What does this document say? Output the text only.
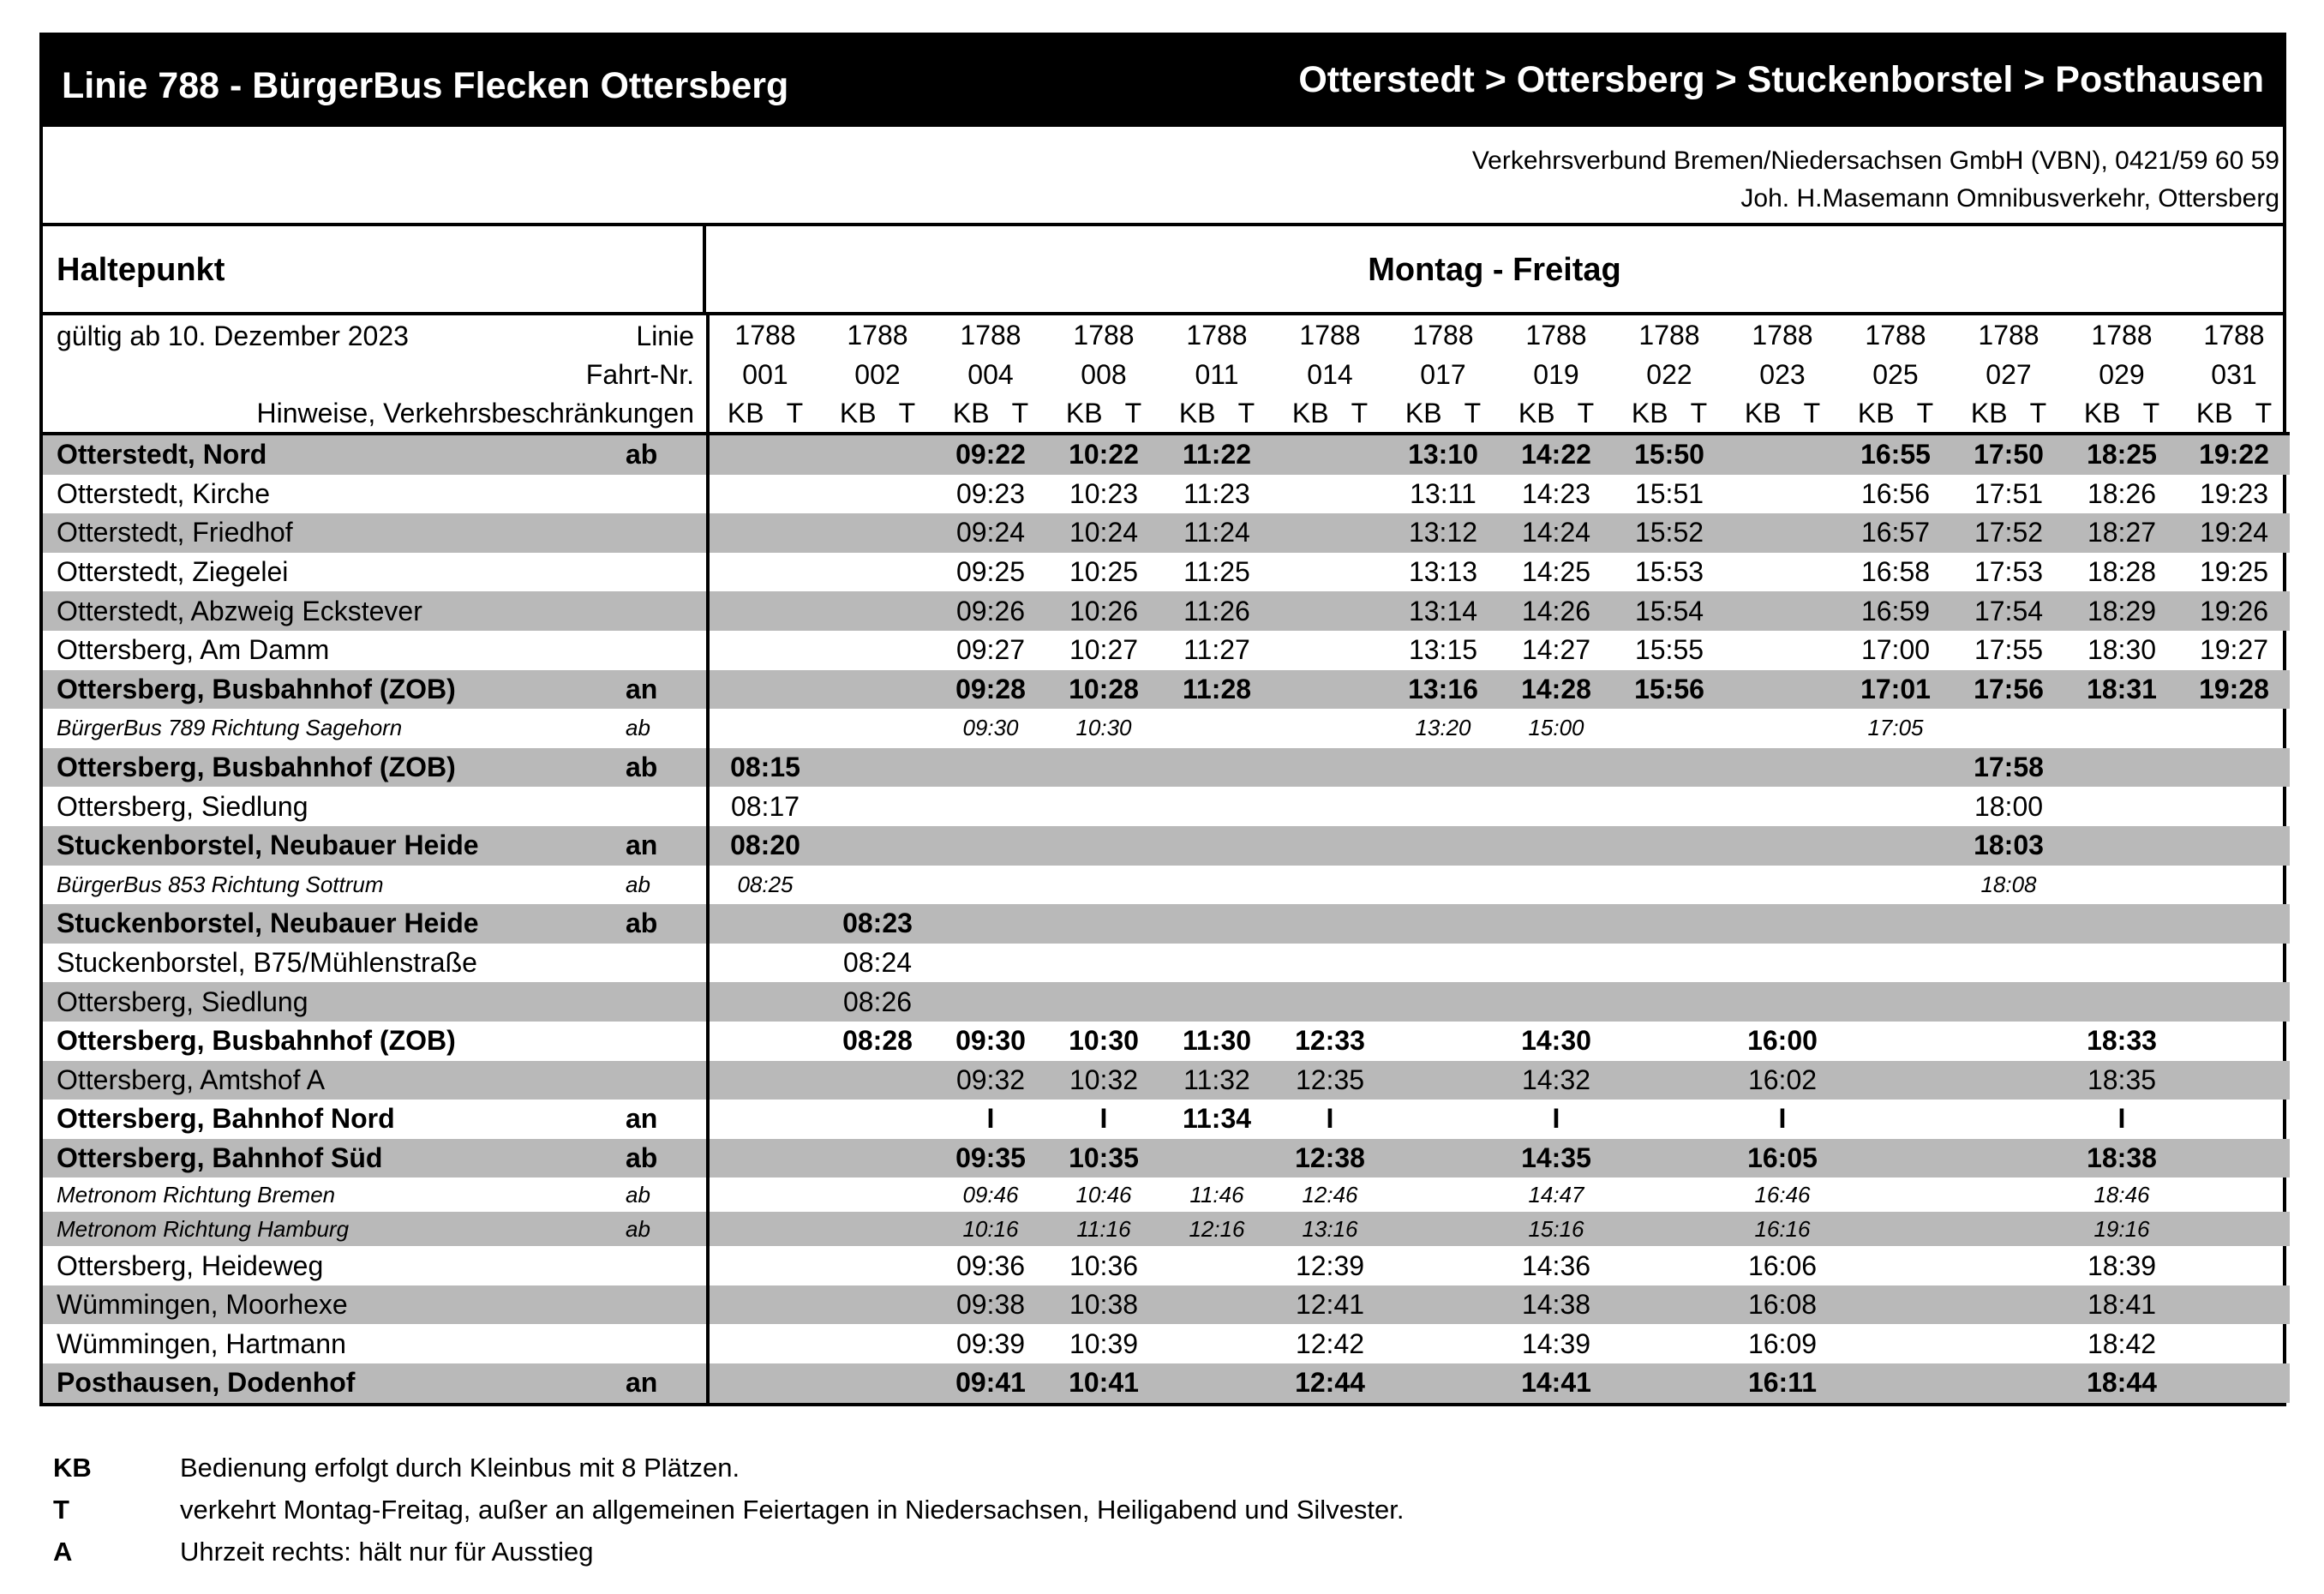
Linie 788 - BürgerBus Flecken Ottersberg	Otterstedt > Ottersberg > Stuckenborstel > Posthausen
Verkehrsverbund Bremen/Niedersachsen GmbH (VBN), 0421/59 60 59
Joh. H.Masemann Omnibusverkehr, Ottersberg
Haltepunkt	Montag - Freitag
gültig ab 10. Dezember 2023 Linie		1788	1788	1788	1788	1788	1788	1788	1788	1788	1788	1788	1788	1788	1788
Fahrt-Nr.		001	002	004	008	011	014	017	019	022	023	025	027	029	031
Hinweise, Verkehrsbeschränkungen		KB T	KB T	KB T	KB T	KB T	KB T	KB T	KB T	KB T	KB T	KB T	KB T	KB T	KB T

Otterstedt, Nord	ab			09:22	10:22	11:22		13:10	14:22	15:50		16:55	17:50	18:25	19:22
Otterstedt, Kirche				09:23	10:23	11:23		13:11	14:23	15:51		16:56	17:51	18:26	19:23
Otterstedt, Friedhof				09:24	10:24	11:24		13:12	14:24	15:52		16:57	17:52	18:27	19:24
Otterstedt, Ziegelei				09:25	10:25	11:25		13:13	14:25	15:53		16:58	17:53	18:28	19:25
Otterstedt, Abzweig Eckstever				09:26	10:26	11:26		13:14	14:26	15:54		16:59	17:54	18:29	19:26
Ottersberg, Am Damm				09:27	10:27	11:27		13:15	14:27	15:55		17:00	17:55	18:30	19:27
Ottersberg, Busbahnhof (ZOB)	an			09:28	10:28	11:28		13:16	14:28	15:56		17:01	17:56	18:31	19:28
BürgerBus 789 Richtung Sagehorn	ab			09:30	10:30			13:20	15:00			17:05			
Ottersberg, Busbahnhof (ZOB)	ab	08:15											17:58		
Ottersberg, Siedlung		08:17											18:00		
Stuckenborstel, Neubauer Heide	an	08:20											18:03		
BürgerBus 853 Richtung Sottrum	ab	08:25											18:08		
Stuckenborstel, Neubauer Heide	ab		08:23												
Stuckenborstel, B75/Mühlenstraße			08:24												
Ottersberg, Siedlung			08:26												
Ottersberg, Busbahnhof (ZOB)			08:28	09:30	10:30	11:30	12:33		14:30		16:00			18:33	
Ottersberg, Amtshof A				09:32	10:32	11:32	12:35		14:32		16:02			18:35	
Ottersberg, Bahnhof Nord	an			I	I	11:34	I		I		I			I	
Ottersberg, Bahnhof Süd	ab			09:35	10:35		12:38		14:35		16:05			18:38	
Metronom Richtung Bremen	ab			09:46	10:46	11:46	12:46		14:47		16:46			18:46	
Metronom Richtung Hamburg	ab			10:16	11:16	12:16	13:16		15:16		16:16			19:16	
Ottersberg, Heideweg				09:36	10:36		12:39		14:36		16:06			18:39	
Wümmingen, Moorhexe				09:38	10:38		12:41		14:38		16:08			18:41	
Wümmingen, Hartmann				09:39	10:39		12:42		14:39		16:09			18:42	
Posthausen, Dodenhof	an			09:41	10:41		12:44		14:41		16:11			18:44	
KB	Bedienung erfolgt durch Kleinbus mit 8 Plätzen.
T	verkehrt Montag-Freitag, außer an allgemeinen Feiertagen in Niedersachsen, Heiligabend und Silvester.
A	Uhrzeit rechts: hält nur für Ausstieg
